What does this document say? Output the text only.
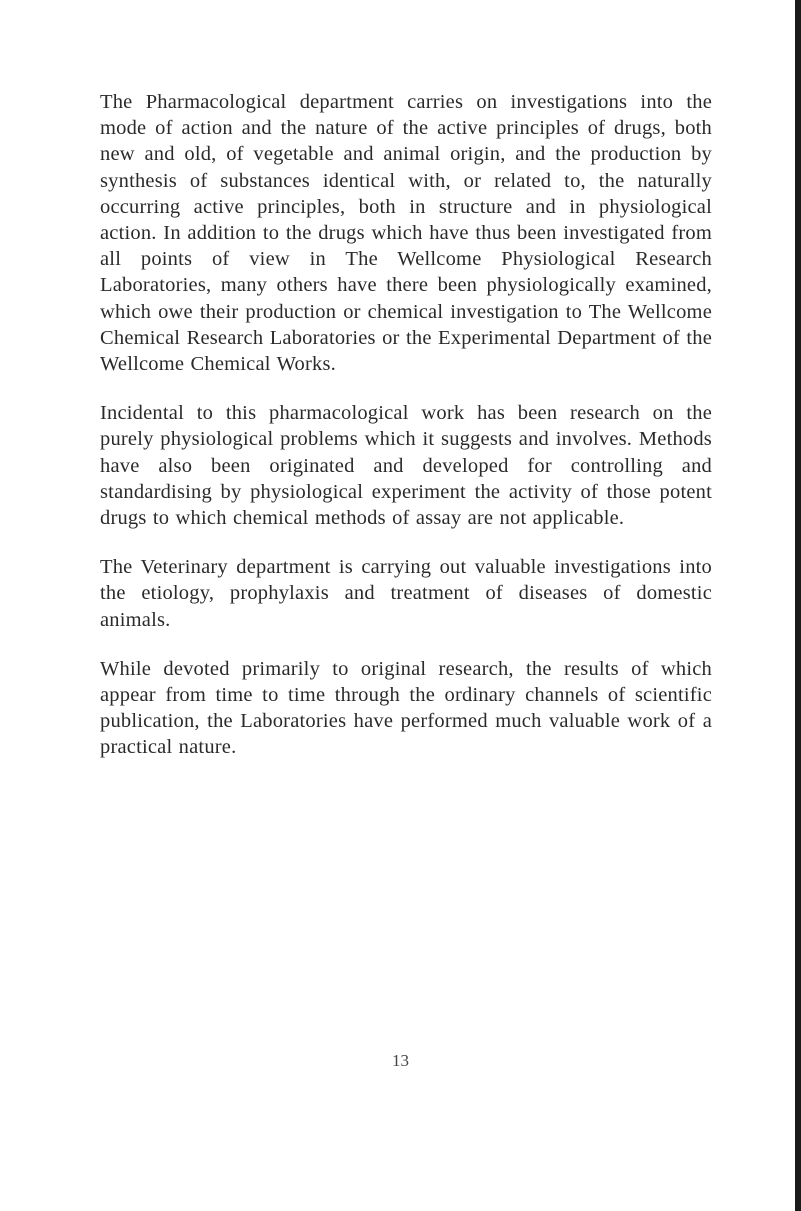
The Pharmacological department carries on investigations into the mode of action and the nature of the active principles of drugs, both new and old, of vegetable and animal origin, and the production by synthesis of substances identical with, or related to, the naturally occurring active principles, both in structure and in physiological action. In addition to the drugs which have thus been investigated from all points of view in The Wellcome Physiological Research Laboratories, many others have there been physiologically examined, which owe their production or chemical investigation to The Wellcome Chemical Research Laboratories or the Experimental Department of the Wellcome Chemical Works.

Incidental to this pharmacological work has been research on the purely physiological problems which it suggests and involves. Methods have also been originated and developed for controlling and standardising by physiological experiment the activity of those potent drugs to which chemical methods of assay are not applicable.

The Veterinary department is carrying out valuable investigations into the etiology, prophylaxis and treatment of diseases of domestic animals.

While devoted primarily to original research, the results of which appear from time to time through the ordinary channels of scientific publication, the Laboratories have performed much valuable work of a practical nature.

13
